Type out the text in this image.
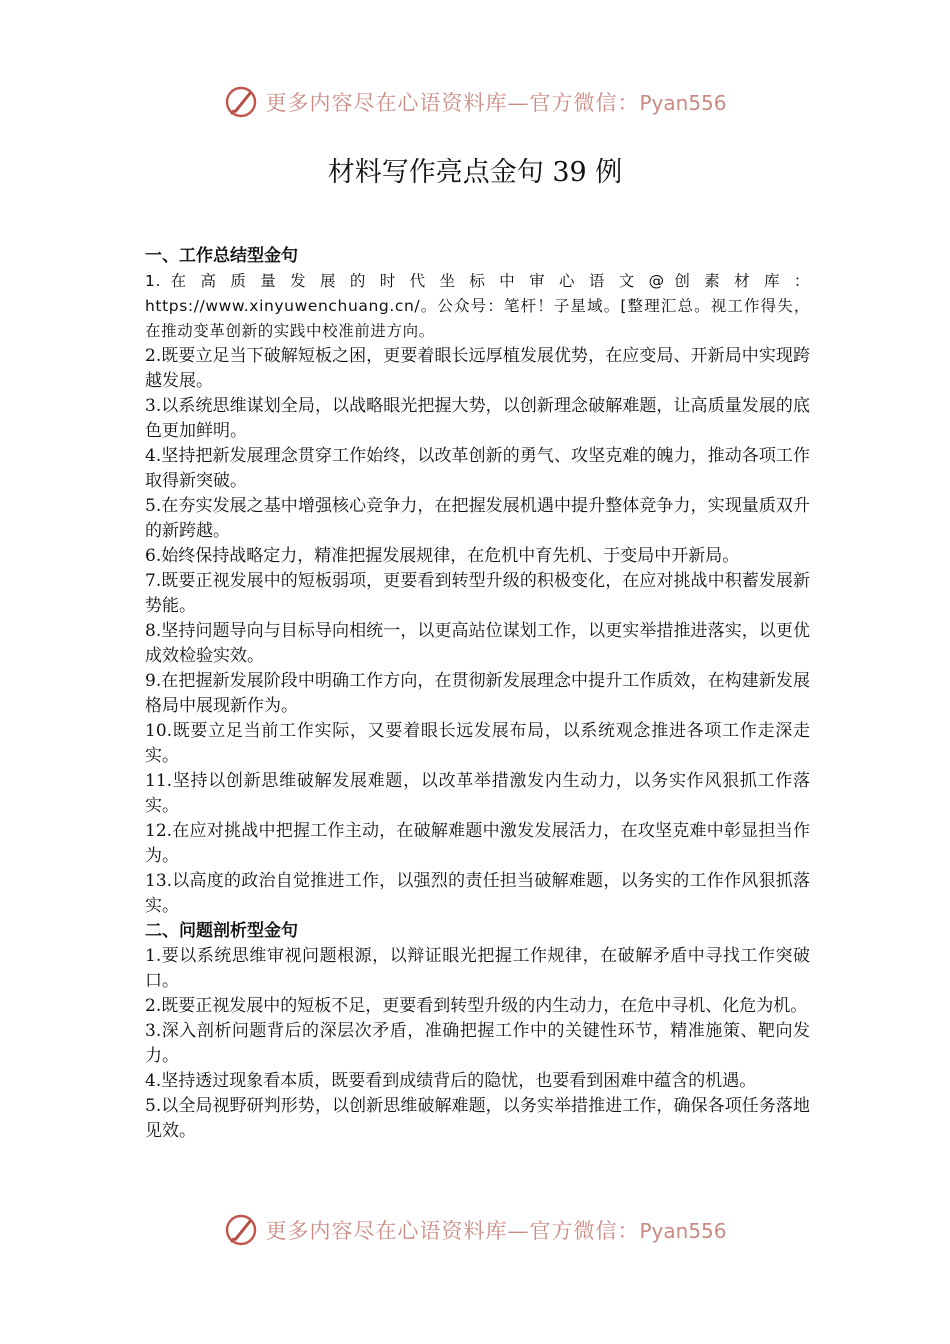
更多内容尽在心语资料库—官方微信：Pyan556
材料写作亮点金句 39 例

一、工作总结型金句

1. 在 高 质 量 发 展 的 时 代 坐 标 中 审 心 语 文 @ 创 素 材 库 ： https://www.xinyuwenchuang.cn/。公众号：笔杆！子星域。[整理汇总。视工作得失，在推动变革创新的实践中校准前进方向。

2.既要立足当下破解短板之困，更要着眼长远厚植发展优势，在应变局、开新局中实现跨越发展。

3.以系统思维谋划全局，以战略眼光把握大势，以创新理念破解难题，让高质量发展的底色更加鲜明。

4.坚持把新发展理念贯穿工作始终，以改革创新的勇气、攻坚克难的魄力，推动各项工作取得新突破。

5.在夯实发展之基中增强核心竞争力，在把握发展机遇中提升整体竞争力，实现量质双升的新跨越。

6.始终保持战略定力，精准把握发展规律，在危机中育先机、于变局中开新局。

7.既要正视发展中的短板弱项，更要看到转型升级的积极变化，在应对挑战中积蓄发展新势能。

8.坚持问题导向与目标导向相统一，以更高站位谋划工作，以更实举措推进落实，以更优成效检验实效。

9.在把握新发展阶段中明确工作方向，在贯彻新发展理念中提升工作质效，在构建新发展格局中展现新作为。

10.既要立足当前工作实际，又要着眼长远发展布局，以系统观念推进各项工作走深走实。

11.坚持以创新思维破解发展难题，以改革举措激发内生动力，以务实作风狠抓工作落实。

12.在应对挑战中把握工作主动，在破解难题中激发发展活力，在攻坚克难中彰显担当作为。

13.以高度的政治自觉推进工作，以强烈的责任担当破解难题，以务实的工作作风狠抓落实。

二、问题剖析型金句

1.要以系统思维审视问题根源，以辩证眼光把握工作规律，在破解矛盾中寻找工作突破口。

2.既要正视发展中的短板不足，更要看到转型升级的内生动力，在危中寻机、化危为机。

3.深入剖析问题背后的深层次矛盾，准确把握工作中的关键性环节，精准施策、靶向发力。

4.坚持透过现象看本质，既要看到成绩背后的隐忧，也要看到困难中蕴含的机遇。

5.以全局视野研判形势，以创新思维破解难题，以务实举措推进工作，确保各项任务落地见效。

更多内容尽在心语资料库—官方微信：Pyan556
